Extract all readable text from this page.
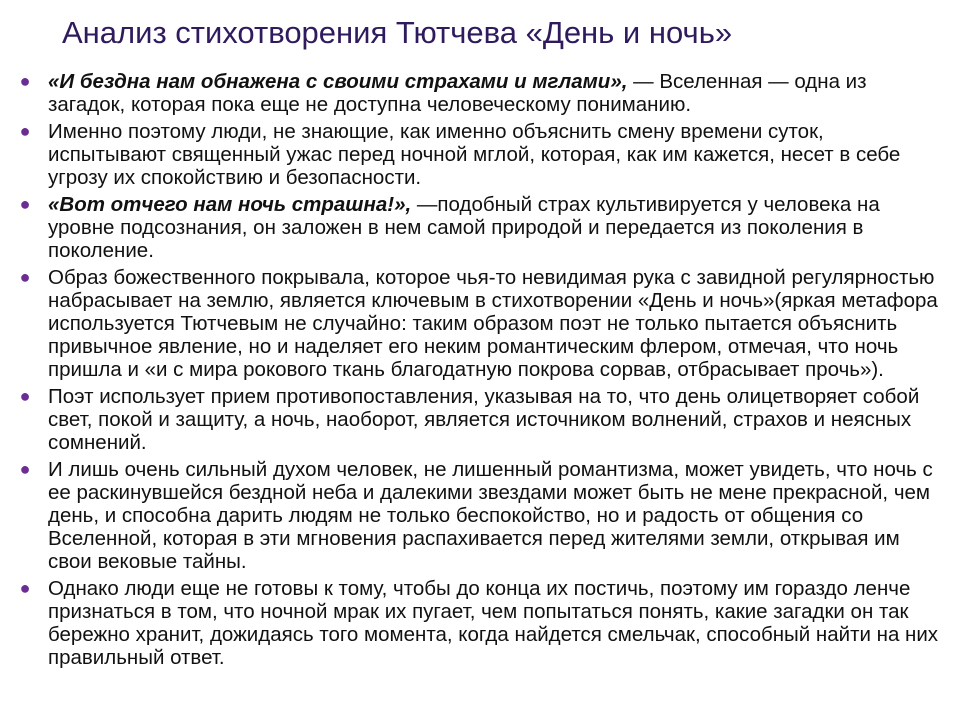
Анализ стихотворения Тютчева «День и ночь»
● «И бездна нам обнажена с своими страхами и мглами», — Вселенная — одна из загадок, которая пока еще не доступна человеческому пониманию.
● Именно поэтому люди, не знающие, как именно объяснить смену времени суток, испытывают священный ужас перед ночной мглой, которая, как им кажется, несет в себе угрозу их спокойствию и безопасности.
● «Вот отчего нам ночь страшна!», —подобный страх культивируется у человека на уровне подсознания, он заложен в нем самой природой и передается из поколения в поколение.
● Образ божественного покрывала, которое чья-то невидимая рука с завидной регулярностью набрасывает на землю, является ключевым в стихотворении «День и ночь»(яркая метафора используется Тютчевым не случайно: таким образом поэт не только пытается объяснить привычное явление, но и наделяет его неким романтическим флером, отмечая, что ночь пришла и «и с мира рокового ткань благодатную покрова сорвав, отбрасывает прочь»).
● Поэт использует прием противопоставления, указывая на то, что день олицетворяет собой свет, покой и защиту, а ночь, наоборот, является источником волнений, страхов и неясных сомнений.
● И лишь очень сильный духом человек, не лишенный романтизма, может увидеть, что ночь с ее раскинувшейся бездной неба и далекими звездами может быть не мене прекрасной, чем день, и способна дарить людям не только беспокойство, но и радость от общения со Вселенной, которая в эти мгновения распахивается перед жителями земли, открывая им свои вековые тайны.
● Однако люди еще не готовы к тому, чтобы до конца их постичь, поэтому им гораздо ленче признаться в том, что ночной мрак их пугает, чем попытаться понять, какие загадки он так бережно хранит, дожидаясь того момента, когда найдется смельчак, способный найти на них правильный ответ.
